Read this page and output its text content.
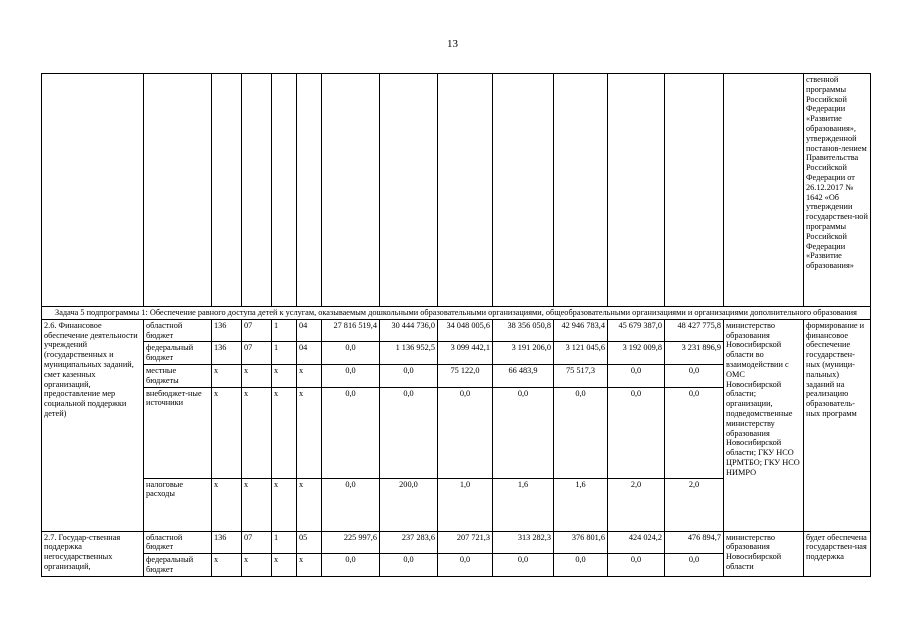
13
														ственной программы Российской Федерации «Развитие образования», утвержденной постанов-лением Правительства Российской Федерации от 26.12.2017 № 1642 «Об утверждении государствен-ной программы Российской Федерации «Развитие образования»
Задача 5 подпрограммы 1: Обеспечение равного доступа детей к услугам, оказываемым дошкольными образовательными организациями, общеобразовательными организациями и организациями дополнительного образования														
2.6. Финансовое обеспечение деятельности учреждений (государственных и муниципальных заданий, смет казенных организаций, предоставление мер социальной поддержки детей)	областной бюджет	136	07	1	04	27 816 519,4	30 444 736,0	34 048 005,6	38 356 050,8	42 946 783,4	45 679 387,0	48 427 775,8	министерство образования Новосибирской области во взаимодействии с ОМС Новосибирской области; организации, подведомственные министерству образования Новосибирской области; ГКУ НСО ЦРМТБО; ГКУ НСО НИМРО	формирование и финансовое обеспечение государствен-ных (муници-пальных) заданий на реализацию образователь-ных программ
	федеральный бюджет	136	07	1	04	0,0	1 136 952,5	3 099 442,1	3 191 206,0	3 121 045,6	3 192 009,8	3 231 896,9		
	местные бюджеты	x	x	x	x	0,0	0,0	75 122,0	66 483,9	75 517,3	0,0	0,0		
	внебюджет-ные источники	x	x	x	x	0,0	0,0	0,0	0,0	0,0	0,0	0,0		
	налоговые расходы	x	x	x	x	0,0	200,0	1,0	1,6	1,6	2,0	2,0		
2.7. Государ-ственная поддержка негосударственных организаций,	областной бюджет	136	07	1	05	225 997,6	237 283,6	207 721,3	313 282,3	376 801,6	424 024,2	476 894,7	министерство образования Новосибирской области	будет обеспечена государствен-ная поддержка
	федеральный бюджет	x	x	x	x	0,0	0,0	0,0	0,0	0,0	0,0	0,0		
